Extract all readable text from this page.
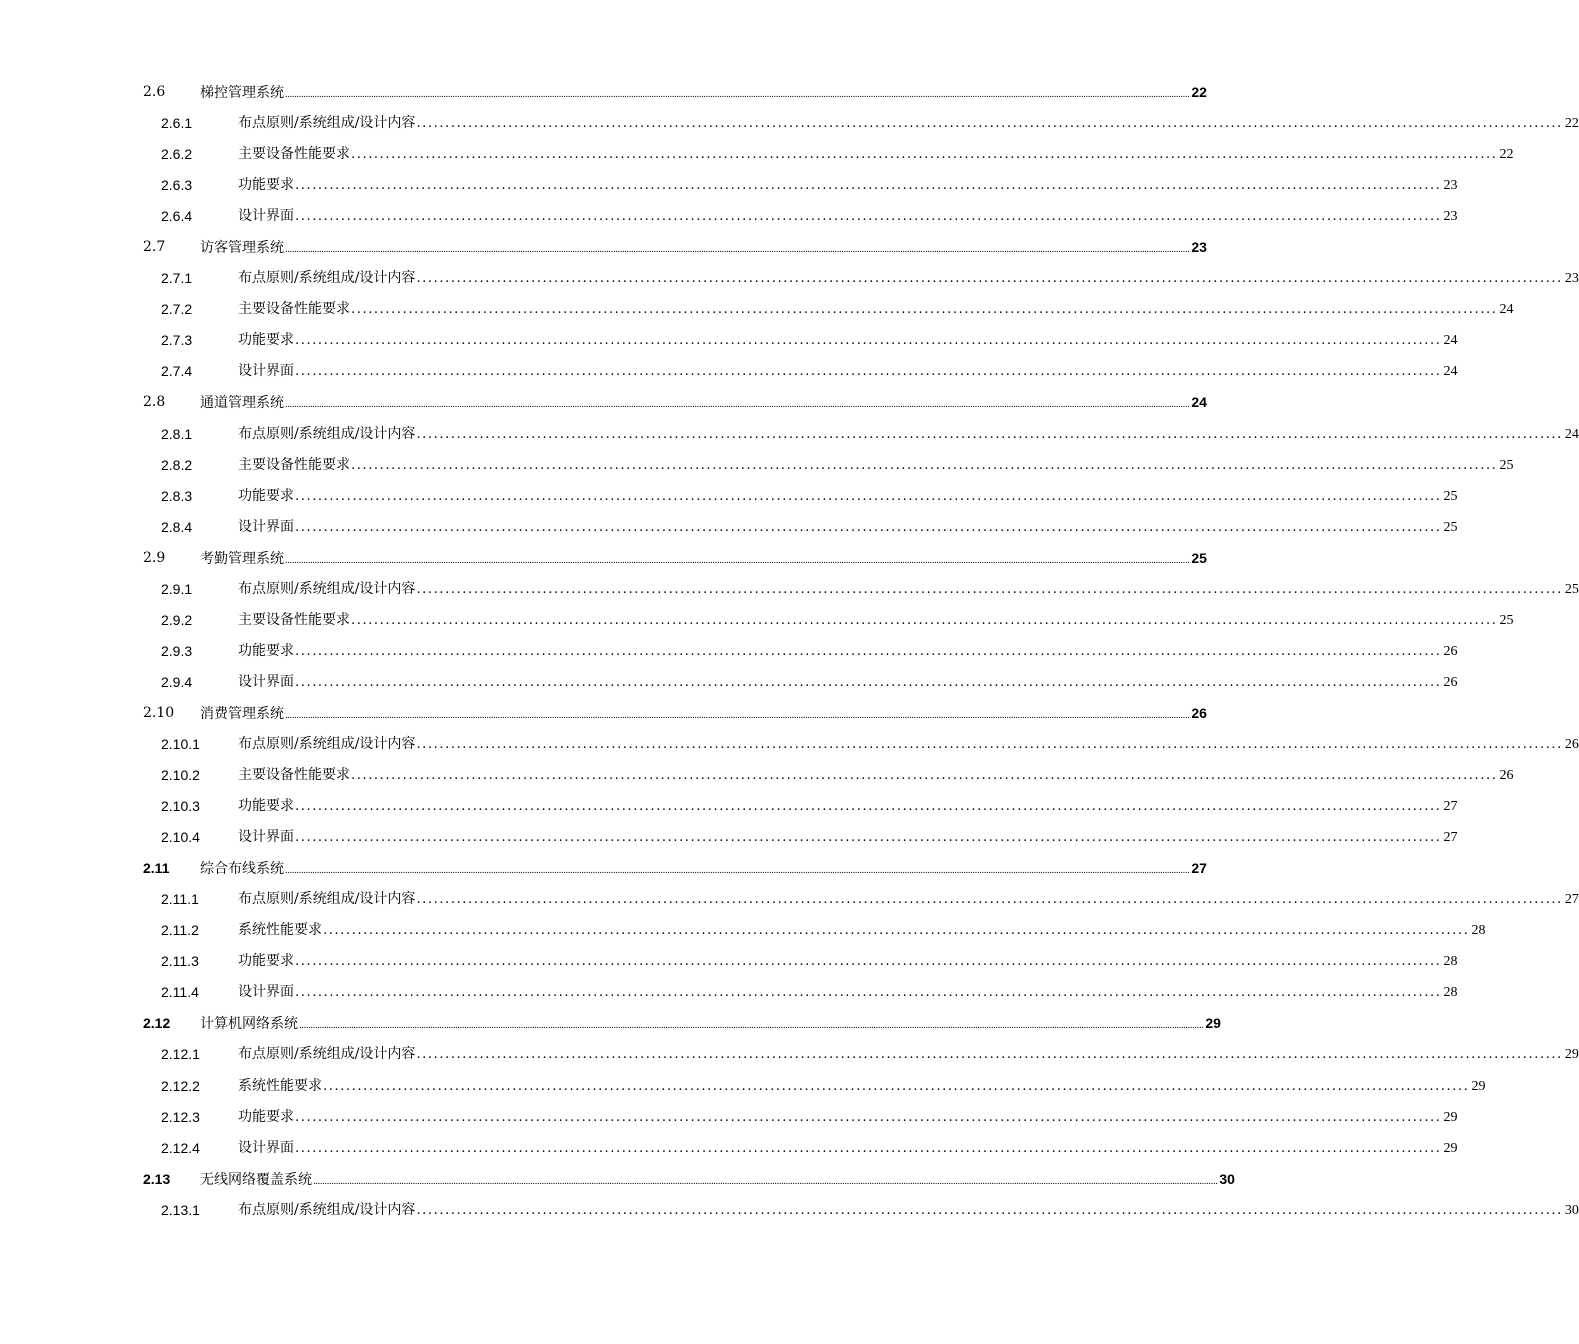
2.6 梯控管理系统 ................................................................................................................................................................................................................................................................................................................................................................................................................ 22
2.6.1	布点原则/系统组成/设计内容 ........................................................................................................................................................................................................ 22
2.6.2	主要设备性能要求 ........................................................................................................................................................................................................ 22
2.6.3	功能要求 ........................................................................................................................................................................................................ 23
2.6.4	设计界面 ........................................................................................................................................................................................................ 23
2.7 访客管理系统 ................................................................................................................................................................................................................................................................................................................................................................................................................ 23
2.7.1	布点原则/系统组成/设计内容 ........................................................................................................................................................................................................ 23
2.7.2	主要设备性能要求 ........................................................................................................................................................................................................ 24
2.7.3	功能要求 ........................................................................................................................................................................................................ 24
2.7.4	设计界面 ........................................................................................................................................................................................................ 24
2.8 通道管理系统 ................................................................................................................................................................................................................................................................................................................................................................................................................ 24
2.8.1	布点原则/系统组成/设计内容 ........................................................................................................................................................................................................ 24
2.8.2	主要设备性能要求 ........................................................................................................................................................................................................ 25
2.8.3	功能要求 ........................................................................................................................................................................................................ 25
2.8.4	设计界面 ........................................................................................................................................................................................................ 25
2.9 考勤管理系统 ................................................................................................................................................................................................................................................................................................................................................................................................................ 25
2.9.1	布点原则/系统组成/设计内容 ........................................................................................................................................................................................................ 25
2.9.2	主要设备性能要求 ........................................................................................................................................................................................................ 25
2.9.3	功能要求 ........................................................................................................................................................................................................ 26
2.9.4	设计界面 ........................................................................................................................................................................................................ 26
2.10 消费管理系统 ................................................................................................................................................................................................................................................................................................................................................................................................................ 26
2.10.1	布点原则/系统组成/设计内容 ........................................................................................................................................................................................................ 26
2.10.2	主要设备性能要求 ........................................................................................................................................................................................................ 26
2.10.3	功能要求 ........................................................................................................................................................................................................ 27
2.10.4	设计界面 ........................................................................................................................................................................................................ 27
2.11 综合布线系统 ................................................................................................................................................................................................................................................................................................................................................................................................................ 27
2.11.1	布点原则/系统组成/设计内容 ........................................................................................................................................................................................................ 27
2.11.2	系统性能要求 ........................................................................................................................................................................................................ 28
2.11.3	功能要求 ........................................................................................................................................................................................................ 28
2.11.4	设计界面 ........................................................................................................................................................................................................ 28
2.12 计算机网络系统 ................................................................................................................................................................................................................................................................................................................................................................................................................ 29
2.12.1	布点原则/系统组成/设计内容 ........................................................................................................................................................................................................ 29
2.12.2	系统性能要求 ........................................................................................................................................................................................................ 29
2.12.3	功能要求 ........................................................................................................................................................................................................ 29
2.12.4	设计界面 ........................................................................................................................................................................................................ 29
2.13 无线网络覆盖系统 ................................................................................................................................................................................................................................................................................................................................................................................................................ 30
2.13.1	布点原则/系统组成/设计内容 ........................................................................................................................................................................................................ 30
